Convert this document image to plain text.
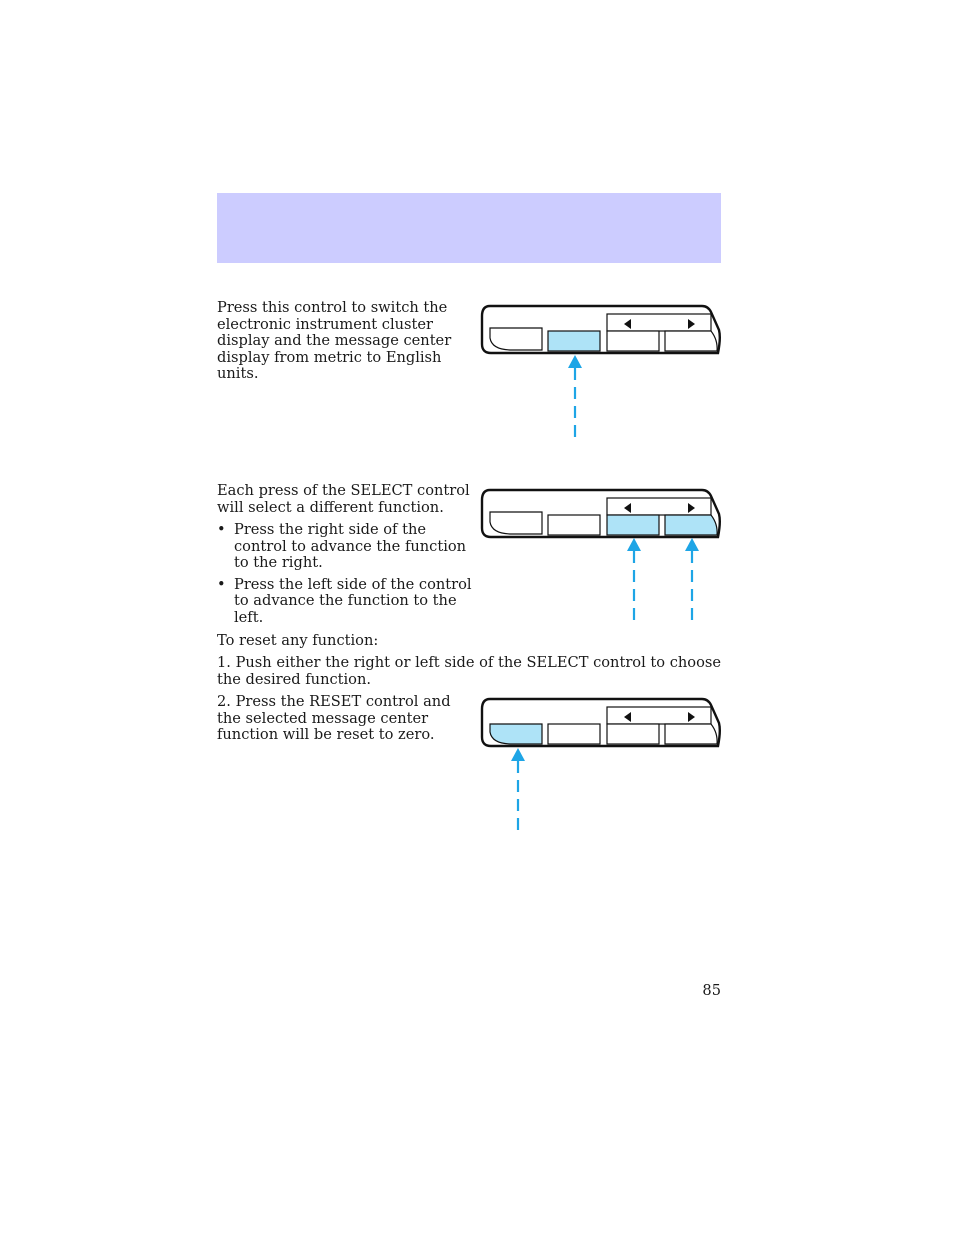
Press this control to switch the electronic instrument cluster display and the message center display from metric to English units.

Each press of the SELECT control will select a different function.

• Press the right side of the control to advance the function to the right.
• Press the left side of the control to advance the function to the left.

To reset any function:

1. Push either the right or left side of the SELECT control to choose the desired function.

2. Press the RESET control and the selected message center function will be reset to zero.

85
